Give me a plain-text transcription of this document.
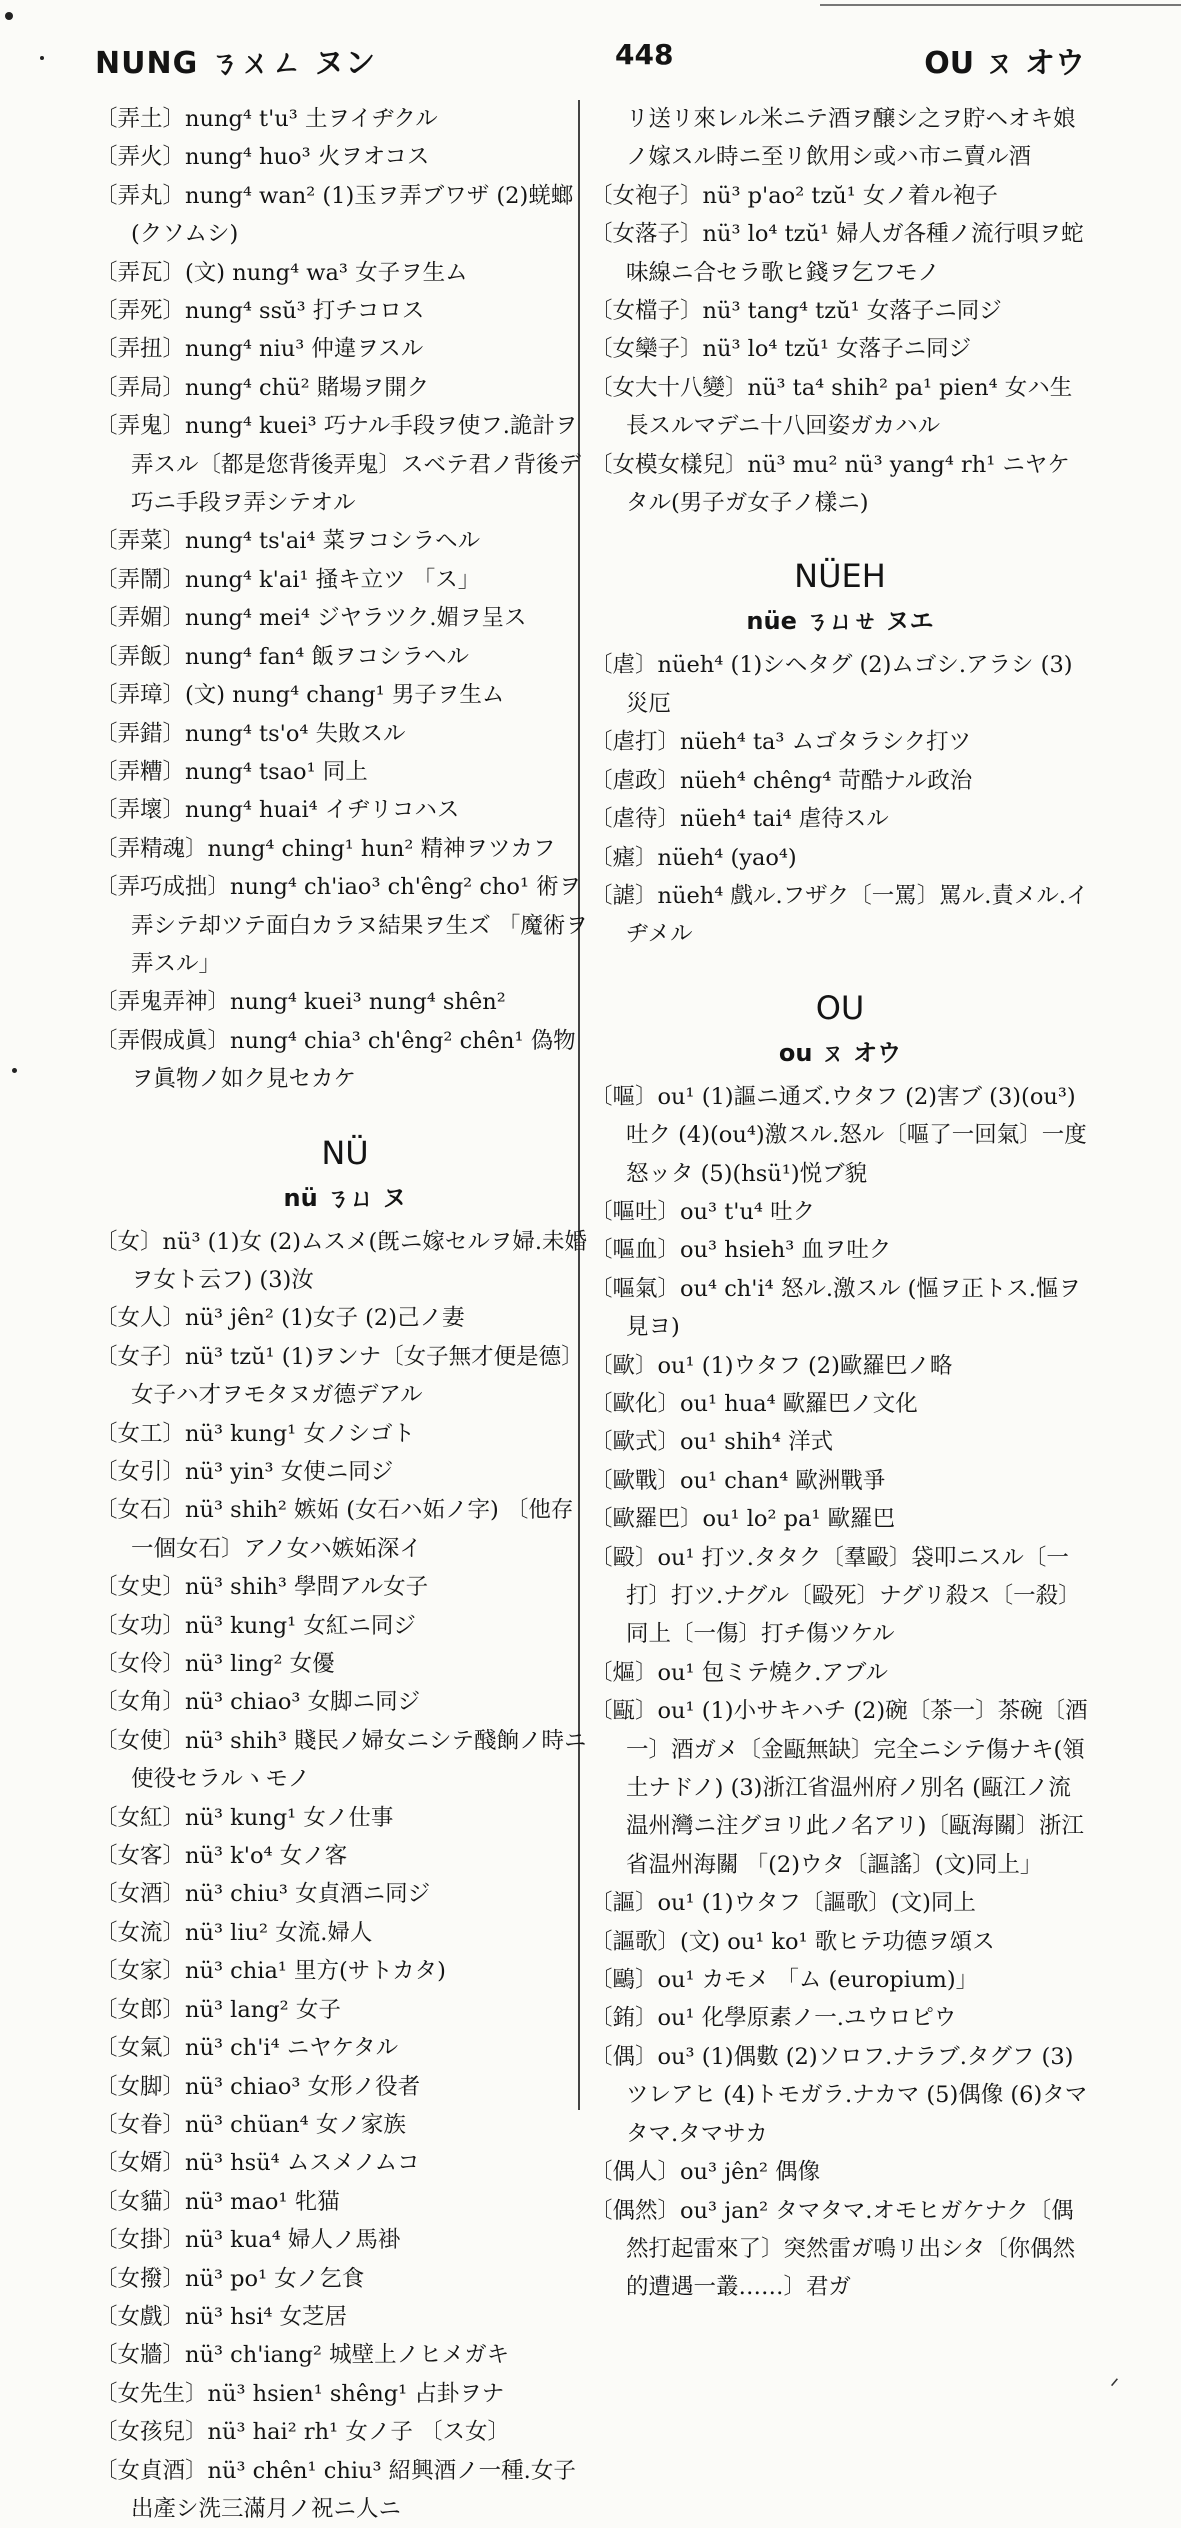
NUNG ㄋㄨㄥ ヌン	448	OU ㄡ オウ
〔弄土〕nung⁴ t'u³ 土ヲイヂクル
〔弄火〕nung⁴ huo³ 火ヲオコス
〔弄丸〕nung⁴ wan² (1)玉ヲ弄ブワザ (2)蜣螂(クソムシ)
〔弄瓦〕(文) nung⁴ wa³ 女子ヲ生ム
〔弄死〕nung⁴ ssŭ³ 打チコロス
〔弄扭〕nung⁴ niu³ 仲違ヲスル
〔弄局〕nung⁴ chü² 賭場ヲ開ク
〔弄鬼〕nung⁴ kuei³ 巧ナル手段ヲ使フ.詭計ヲ弄スル〔都是您背後弄鬼〕スベテ君ノ背後デ巧ニ手段ヲ弄シテオル
〔弄菜〕nung⁴ ts'ai⁴ 菜ヲコシラヘル
〔弄鬧〕nung⁴ k'ai¹ 掻キ立ツ 「ス」
〔弄媚〕nung⁴ mei⁴ ジヤラツク.媚ヲ呈ス
〔弄飯〕nung⁴ fan⁴ 飯ヲコシラヘル
〔弄璋〕(文) nung⁴ chang¹ 男子ヲ生ム
〔弄錯〕nung⁴ ts'o⁴ 失敗スル
〔弄糟〕nung⁴ tsao¹ 同上
〔弄壞〕nung⁴ huai⁴ イヂリコハス
〔弄精魂〕nung⁴ ching¹ hun² 精神ヲツカフ
〔弄巧成拙〕nung⁴ ch'iao³ ch'êng² cho¹ 術ヲ弄シテ却ツテ面白カラヌ結果ヲ生ズ 「魔術ヲ弄スル」
〔弄鬼弄神〕nung⁴ kuei³ nung⁴ shên²
〔弄假成眞〕nung⁴ chia³ ch'êng² chên¹ 偽物ヲ眞物ノ如ク見セカケ
NÜ
nü ㄋㄩ ヌ
〔女〕nü³ (1)女 (2)ムスメ(旣ニ嫁セルヲ婦.未婚ヲ女ト云フ) (3)汝
〔女人〕nü³ jên² (1)女子 (2)己ノ妻
〔女子〕nü³ tzŭ¹ (1)ヲンナ〔女子無才便是德〕女子ハ才ヲモタヌガ德デアル
〔女工〕nü³ kung¹ 女ノシゴト
〔女引〕nü³ yin³ 女使ニ同ジ
〔女石〕nü³ shih² 嫉妬 (女石ハ妬ノ字) 〔他存一個女石〕アノ女ハ嫉妬深イ
〔女史〕nü³ shih³ 學問アル女子
〔女功〕nü³ kung¹ 女紅ニ同ジ
〔女伶〕nü³ ling² 女優
〔女角〕nü³ chiao³ 女脚ニ同ジ
〔女使〕nü³ shih³ 賤民ノ婦女ニシテ醆餉ノ時ニ使役セラルヽモノ
〔女紅〕nü³ kung¹ 女ノ仕事
〔女客〕nü³ k'o⁴ 女ノ客
〔女酒〕nü³ chiu³ 女貞酒ニ同ジ
〔女流〕nü³ liu² 女流.婦人
〔女家〕nü³ chia¹ 里方(サトカタ)
〔女郎〕nü³ lang² 女子
〔女氣〕nü³ ch'i⁴ ニヤケタル
〔女脚〕nü³ chiao³ 女形ノ役者
〔女眷〕nü³ chüan⁴ 女ノ家族
〔女婿〕nü³ hsü⁴ ムスメノムコ
〔女貓〕nü³ mao¹ 牝猫
〔女掛〕nü³ kua⁴ 婦人ノ馬褂
〔女撥〕nü³ po¹ 女ノ乞食
〔女戲〕nü³ hsi⁴ 女芝居
〔女牆〕nü³ ch'iang² 城壁上ノヒメガキ
〔女先生〕nü³ hsien¹ shêng¹ 占卦ヲナ
〔女孩兒〕nü³ hai² rh¹ 女ノ子 〔ス女〕
〔女貞酒〕nü³ chên¹ chiu³ 紹興酒ノ一種.女子出產シ洗三滿月ノ祝ニ人ニ
リ送リ來レル米ニテ酒ヲ醸シ之ヲ貯ヘオキ娘ノ嫁スル時ニ至リ飲用シ或ハ市ニ賣ル酒
〔女袍子〕nü³ p'ao² tzŭ¹ 女ノ着ル袍子
〔女落子〕nü³ lo⁴ tzŭ¹ 婦人ガ各種ノ流行唄ヲ蛇味線ニ合セラ歌ヒ錢ヲ乞フモノ
〔女檔子〕nü³ tang⁴ tzŭ¹ 女落子ニ同ジ
〔女欒子〕nü³ lo⁴ tzŭ¹ 女落子ニ同ジ
〔女大十八變〕nü³ ta⁴ shih² pa¹ pien⁴ 女ハ生長スルマデニ十八回姿ガカハル
〔女模女樣兒〕nü³ mu² nü³ yang⁴ rh¹ ニヤケタル(男子ガ女子ノ樣ニ)
NÜEH
nüe ㄋㄩㄝ ヌエ
〔虐〕nüeh⁴ (1)シヘタグ (2)ムゴシ.アラシ (3)災厄
〔虐打〕nüeh⁴ ta³ ムゴタラシク打ツ
〔虐政〕nüeh⁴ chêng⁴ 苛酷ナル政治
〔虐待〕nüeh⁴ tai⁴ 虐待スル
〔瘧〕nüeh⁴ (yao⁴)
〔謔〕nüeh⁴ 戲ル.フザク〔一罵〕罵ル.責メル.イヂメル
OU
ou ㄡ オウ
〔嘔〕ou¹ (1)謳ニ通ズ.ウタフ (2)害ブ (3)(ou³)吐ク (4)(ou⁴)激スル.怒ル〔嘔了一回氣〕一度怒ッタ (5)(hsü¹)悦ブ貌
〔嘔吐〕ou³ t'u⁴ 吐ク
〔嘔血〕ou³ hsieh³ 血ヲ吐ク
〔嘔氣〕ou⁴ ch'i⁴ 怒ル.激スル (慪ヲ正トス.慪ヲ見ヨ)
〔歐〕ou¹ (1)ウタフ (2)歐羅巴ノ略
〔歐化〕ou¹ hua⁴ 歐羅巴ノ文化
〔歐式〕ou¹ shih⁴ 洋式
〔歐戰〕ou¹ chan⁴ 歐洲戰爭
〔歐羅巴〕ou¹ lo² pa¹ 歐羅巴
〔毆〕ou¹ 打ツ.タタク〔羣毆〕袋叩ニスル〔一打〕打ツ.ナグル〔毆死〕ナグリ殺ス〔一殺〕同上〔一傷〕打チ傷ツケル
〔熰〕ou¹ 包ミテ燒ク.アブル
〔甌〕ou¹ (1)小サキハチ (2)碗〔茶一〕茶碗〔酒一〕酒ガメ〔金甌無缺〕完全ニシテ傷ナキ(領土ナドノ) (3)浙江省温州府ノ別名 (甌江ノ流温州灣ニ注グヨリ此ノ名アリ)〔甌海關〕浙江省温州海關 「(2)ウタ〔謳謠〕(文)同上」
〔謳〕ou¹ (1)ウタフ〔謳歌〕(文)同上
〔謳歌〕(文) ou¹ ko¹ 歌ヒテ功德ヲ頌ス
〔鷗〕ou¹ カモメ 「ム (europium)」
〔銪〕ou¹ 化學原素ノ一.ユウロピウ
〔偶〕ou³ (1)偶數 (2)ソロフ.ナラブ.タグフ (3)ツレアヒ (4)トモガラ.ナカマ (5)偶像 (6)タマタマ.タマサカ
〔偶人〕ou³ jên² 偶像
〔偶然〕ou³ jan² タマタマ.オモヒガケナク〔偶然打起雷來了〕突然雷ガ鳴リ出シタ〔你偶然的遭遇一叢……〕君ガ
ᐟ
